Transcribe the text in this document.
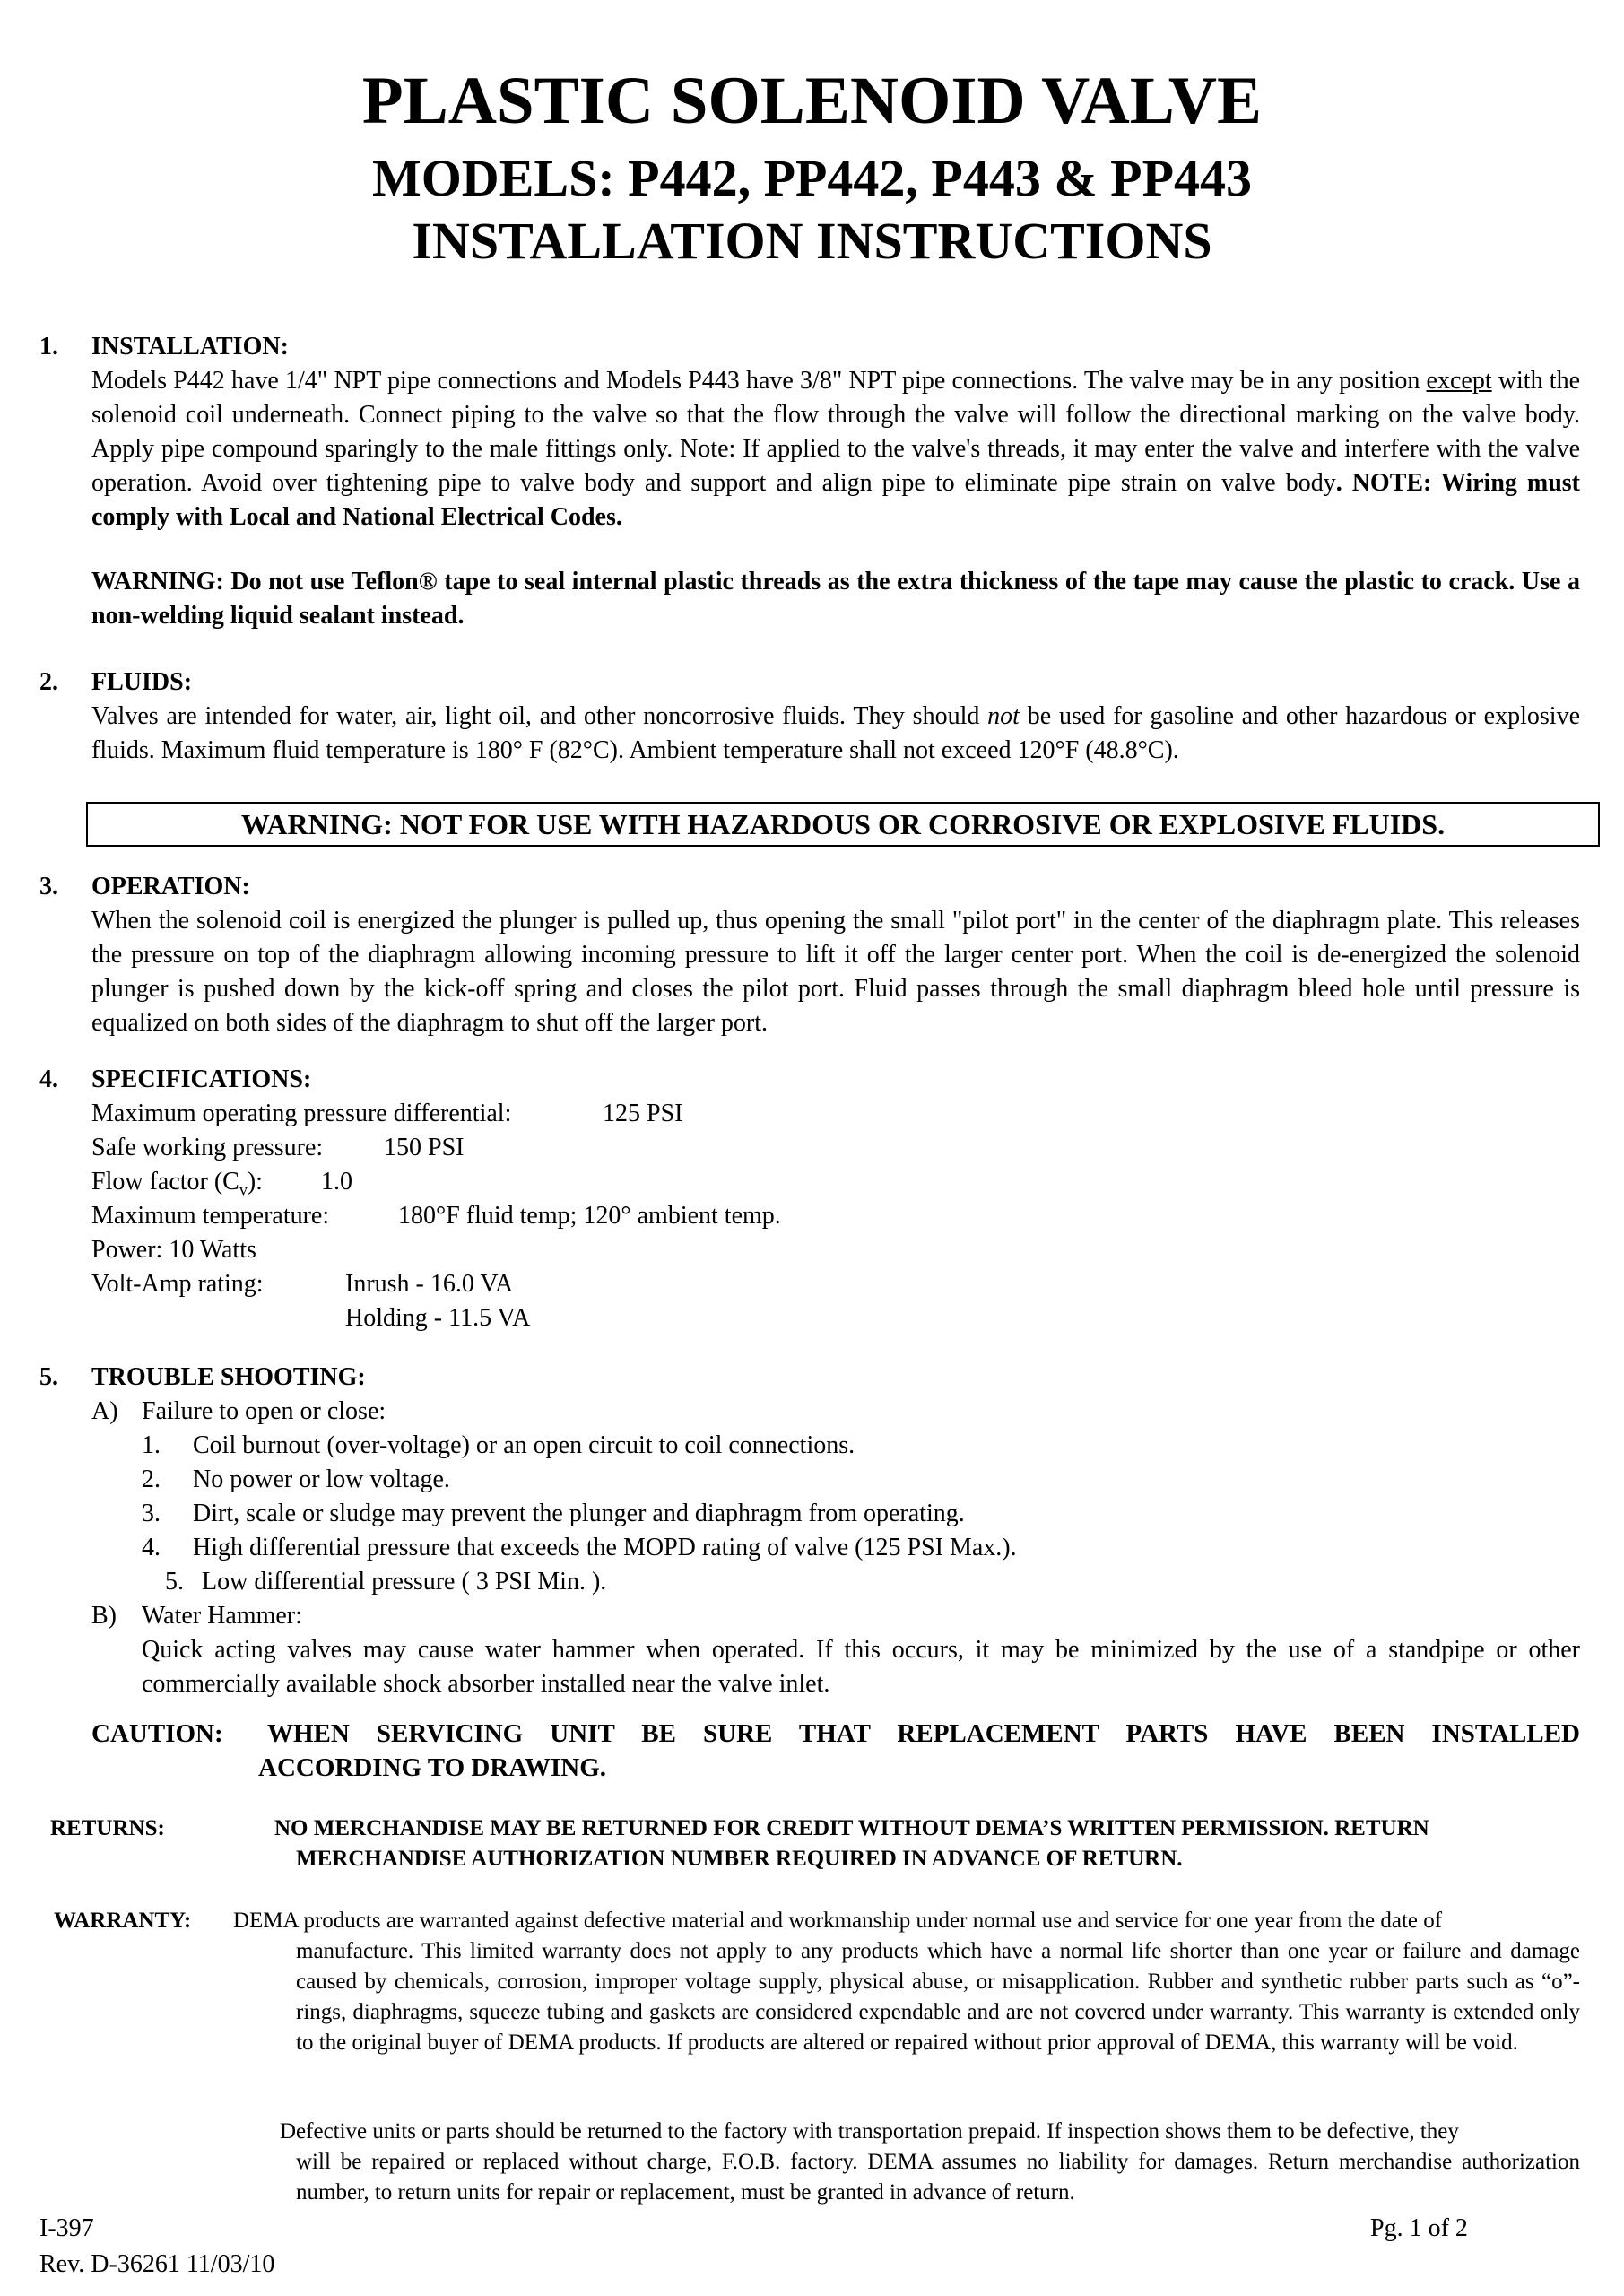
PLASTIC SOLENOID VALVE
MODELS: P442, PP442, P443 & PP443
INSTALLATION INSTRUCTIONS
1. INSTALLATION:
Models P442 have 1/4" NPT pipe connections and Models P443 have 3/8" NPT pipe connections. The valve may be in any position except with the solenoid coil underneath. Connect piping to the valve so that the flow through the valve will follow the directional marking on the valve body. Apply pipe compound sparingly to the male fittings only. Note: If applied to the valve's threads, it may enter the valve and interfere with the valve operation. Avoid over tightening pipe to valve body and support and align pipe to eliminate pipe strain on valve body. NOTE: Wiring must comply with Local and National Electrical Codes.
WARNING: Do not use Teflon® tape to seal internal plastic threads as the extra thickness of the tape may cause the plastic to crack. Use a non-welding liquid sealant instead.
2. FLUIDS:
Valves are intended for water, air, light oil, and other noncorrosive fluids. They should not be used for gasoline and other hazardous or explosive fluids. Maximum fluid temperature is 180° F (82°C). Ambient temperature shall not exceed 120°F (48.8°C).
WARNING: NOT FOR USE WITH HAZARDOUS OR CORROSIVE OR EXPLOSIVE FLUIDS.
3. OPERATION:
When the solenoid coil is energized the plunger is pulled up, thus opening the small "pilot port" in the center of the diaphragm plate. This releases the pressure on top of the diaphragm allowing incoming pressure to lift it off the larger center port. When the coil is de-energized the solenoid plunger is pushed down by the kick-off spring and closes the pilot port. Fluid passes through the small diaphragm bleed hole until pressure is equalized on both sides of the diaphragm to shut off the larger port.
4. SPECIFICATIONS:
Maximum operating pressure differential:	125 PSI
Safe working pressure: 150 PSI
Flow factor $(C_v)$: 1.0
Maximum temperature:	180°F fluid temp; 120° ambient temp.
Power: 10 Watts
Volt-Amp rating:	Inrush - 16.0 VA
Holding - 11.5 VA
5. TROUBLE SHOOTING:
A) Failure to open or close:
1. Coil burnout (over-voltage) or an open circuit to coil connections.
2. No power or low voltage.
3. Dirt, scale or sludge may prevent the plunger and diaphragm from operating.
4. High differential pressure that exceeds the MOPD rating of valve (125 PSI Max.).
5. Low differential pressure ( 3 PSI Min. ).
B) Water Hammer:
Quick acting valves may cause water hammer when operated. If this occurs, it may be minimized by the use of a standpipe or other commercially available shock absorber installed near the valve inlet.
CAUTION: WHEN SERVICING UNIT BE SURE THAT REPLACEMENT PARTS HAVE BEEN INSTALLED
ACCORDING TO DRAWING.
RETURNS:	NO MERCHANDISE MAY BE RETURNED FOR CREDIT WITHOUT DEMA’S WRITTEN PERMISSION. RETURN
MERCHANDISE AUTHORIZATION NUMBER REQUIRED IN ADVANCE OF RETURN.
WARRANTY: DEMA products are warranted against defective material and workmanship under normal use and service for one year from the date of
manufacture. This limited warranty does not apply to any products which have a normal life shorter than one year or failure and damage caused by chemicals, corrosion, improper voltage supply, physical abuse, or misapplication. Rubber and synthetic rubber parts such as “o”- rings, diaphragms, squeeze tubing and gaskets are considered expendable and are not covered under warranty. This warranty is extended only to the original buyer of DEMA products. If products are altered or repaired without prior approval of DEMA, this warranty will be void.
Defective units or parts should be returned to the factory with transportation prepaid. If inspection shows them to be defective, they
will be repaired or replaced without charge, F.O.B. factory. DEMA assumes no liability for damages. Return merchandise authorization number, to return units for repair or replacement, must be granted in advance of return.
I-397
Rev. D-36261 11/03/10
Pg. 1 of 2
